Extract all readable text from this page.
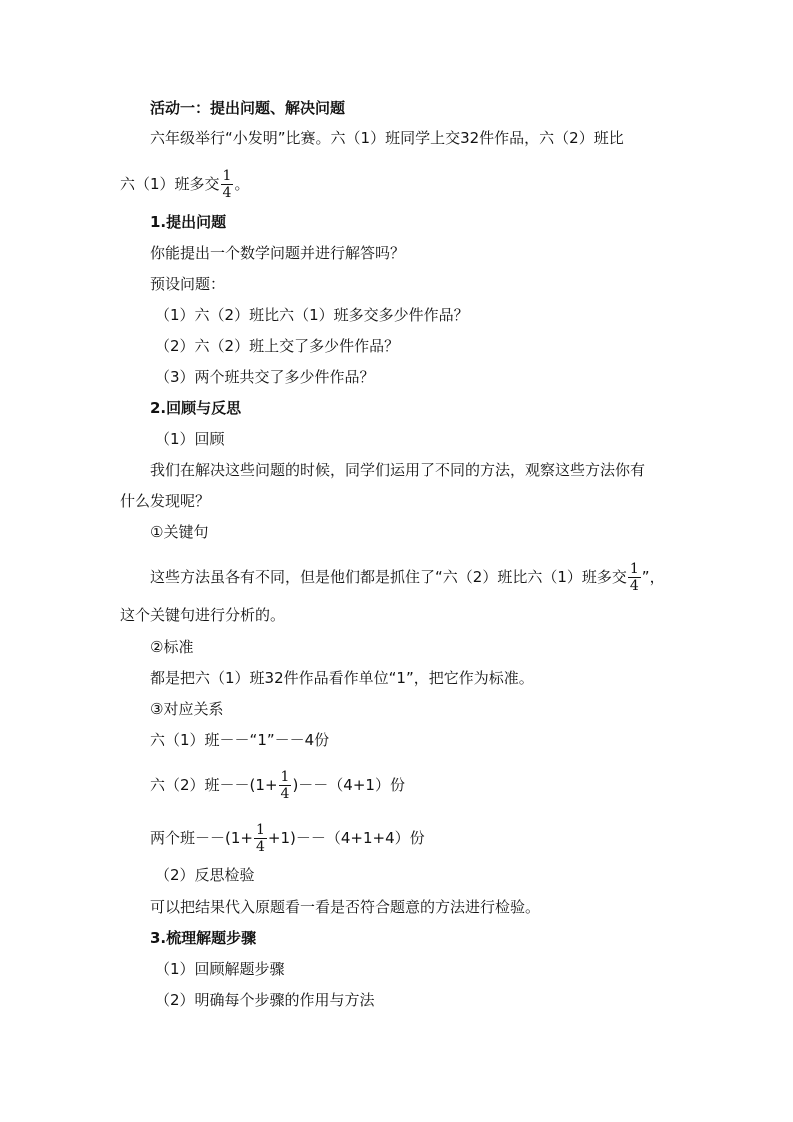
活动一：提出问题、解决问题
六年级举行“小发明”比赛。六（1）班同学上交32件作品，六（2）班比
六（1）班多交 $\frac{1}{4}$ 。
1.提出问题
你能提出一个数学问题并进行解答吗？
预设问题：
（1）六（2）班比六（1）班多交多少件作品？
（2）六（2）班上交了多少件作品？
（3）两个班共交了多少件作品？
2.回顾与反思
（1）回顾
我们在解决这些问题的时候，同学们运用了不同的方法，观察这些方法你有
什么发现呢？
①关键句
这些方法虽各有不同，但是他们都是抓住了“六（2）班比六（1）班多交 $\frac{1}{4}$ ”，
这个关键句进行分析的。
②标准
都是把六（1）班32件作品看作单位“1”，把它作为标准。
③对应关系
六（1）班－－“1”－－4份
六（2）班$--(1+ \frac{1}{4} )--(4+1)$份
两个班$--(1+ \frac{1}{4} +1)--(4+1+4)$份
（2）反思检验
可以把结果代入原题看一看是否符合题意的方法进行检验。
3.梳理解题步骤
（1）回顾解题步骤
（2）明确每个步骤的作用与方法
